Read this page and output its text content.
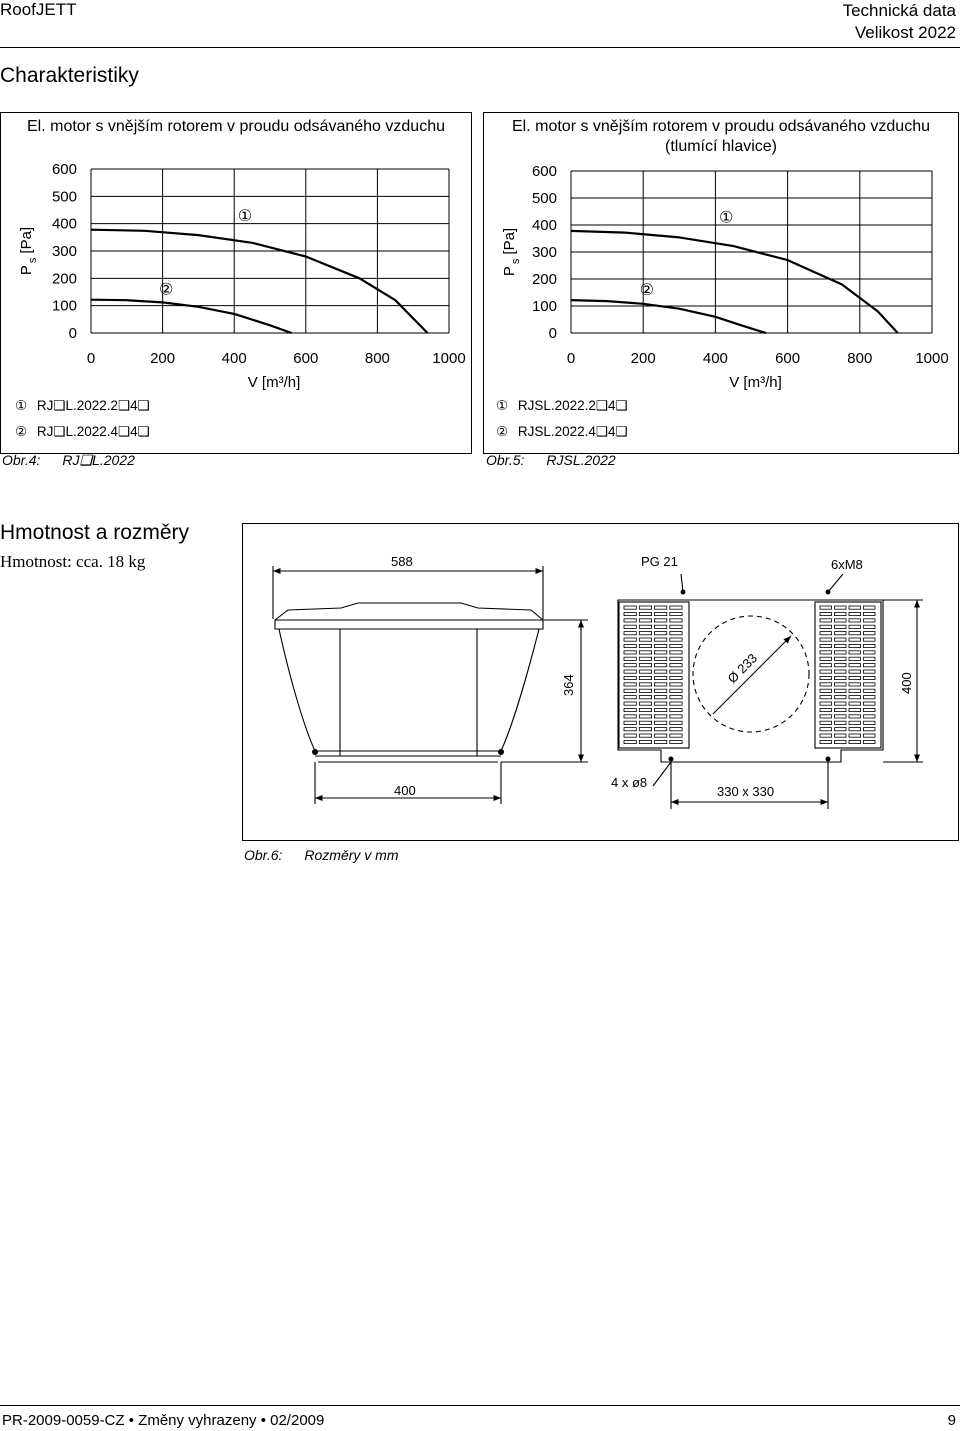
RoofJETT	Technická data
Velikost 2022
Charakteristiky
El. motor s vnějším rotorem v proudu odsávaného vzduchu
0
100
200
300
400
500
600
0	200	400	600	800	1000
V [m³/h]
$P_s[Pa]$
①
②
① RJ❑L.2022.2❑4❑
② RJ❑L.2022.4❑4❑
Obr.4: RJ❑L.2022
El. motor s vnějším rotorem v proudu odsávaného vzduchu
(tlumící hlavice)
0
100
200
300
400
500
600
0	200	400	600	800	1000
V [m³/h]
$P_s[Pa]$
①
②
① RJSL.2022.2❑4❑
② RJSL.2022.4❑4❑
Obr.5: RJSL.2022
Hmotnost a rozměry
Hmotnost: cca. 18 kg	588
400
364
PG 21	6xM8
Ø 233	400
4 x ø8
330 x 330
Obr.6: Rozměry v mm
PR-2009-0059-CZ • Změny vyhrazeny • 02/2009	9
